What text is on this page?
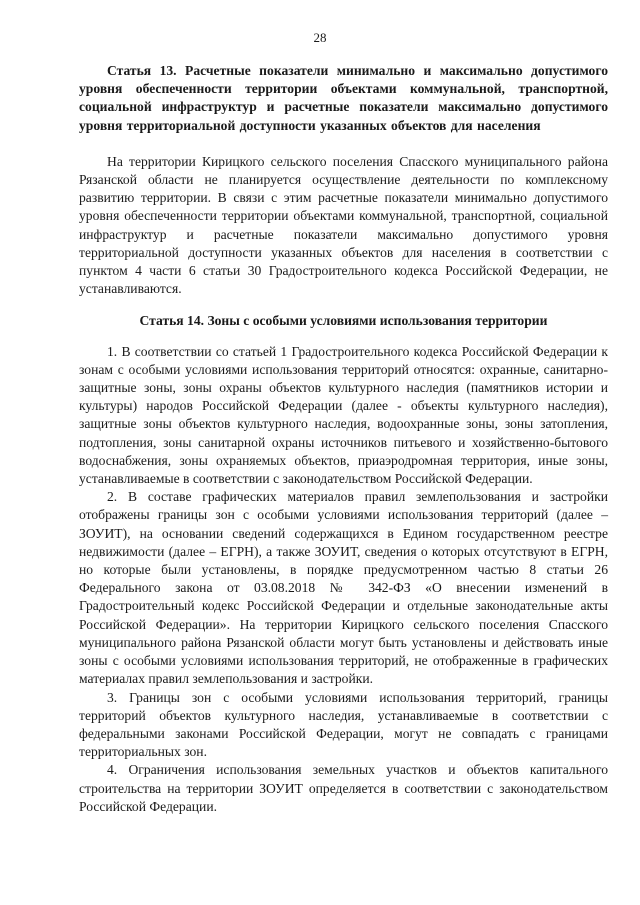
28

Статья 13. Расчетные показатели минимально и максимально допустимого уровня обеспеченности территории объектами коммунальной, транспортной, социальной инфраструктур и расчетные показатели максимально допустимого уровня территориальной доступности указанных объектов для населения

На территории Кирицкого сельского поселения Спасского муниципального района Рязанской области не планируется осуществление деятельности по комплексному развитию территории. В связи с этим расчетные показатели минимально допустимого уровня обеспеченности территории объектами коммунальной, транспортной, социальной инфраструктур и расчетные показатели максимально допустимого уровня территориальной доступности указанных объектов для населения в соответствии с пунктом 4 части 6 статьи 30 Градостроительного кодекса Российской Федерации, не устанавливаются.

Статья 14. Зоны с особыми условиями использования территории

1. В соответствии со статьей 1 Градостроительного кодекса Российской Федерации к зонам с особыми условиями использования территорий относятся: охранные, санитарно-защитные зоны, зоны охраны объектов культурного наследия (памятников истории и культуры) народов Российской Федерации (далее - объекты культурного наследия), защитные зоны объектов культурного наследия, водоохранные зоны, зоны затопления, подтопления, зоны санитарной охраны источников питьевого и хозяйственно-бытового водоснабжения, зоны охраняемых объектов, приаэродромная территория, иные зоны, устанавливаемые в соответствии с законодательством Российской Федерации.

2. В составе графических материалов правил землепользования и застройки отображены границы зон с особыми условиями использования территорий (далее – ЗОУИТ), на основании сведений содержащихся в Едином государственном реестре недвижимости (далее – ЕГРН), а также ЗОУИТ, сведения о которых отсутствуют в ЕГРН, но которые были установлены, в порядке предусмотренном частью 8 статьи 26 Федерального закона от 03.08.2018 № 342-ФЗ «О внесении изменений в Градостроительный кодекс Российской Федерации и отдельные законодательные акты Российской Федерации». На территории Кирицкого сельского поселения Спасского муниципального района Рязанской области могут быть установлены и действовать иные зоны с особыми условиями использования территорий, не отображенные в графических материалах правил землепользования и застройки.

3. Границы зон с особыми условиями использования территорий, границы территорий объектов культурного наследия, устанавливаемые в соответствии с федеральными законами Российской Федерации, могут не совпадать с границами территориальных зон.

4. Ограничения использования земельных участков и объектов капитального строительства на территории ЗОУИТ определяется в соответствии с законодательством Российской Федерации.
